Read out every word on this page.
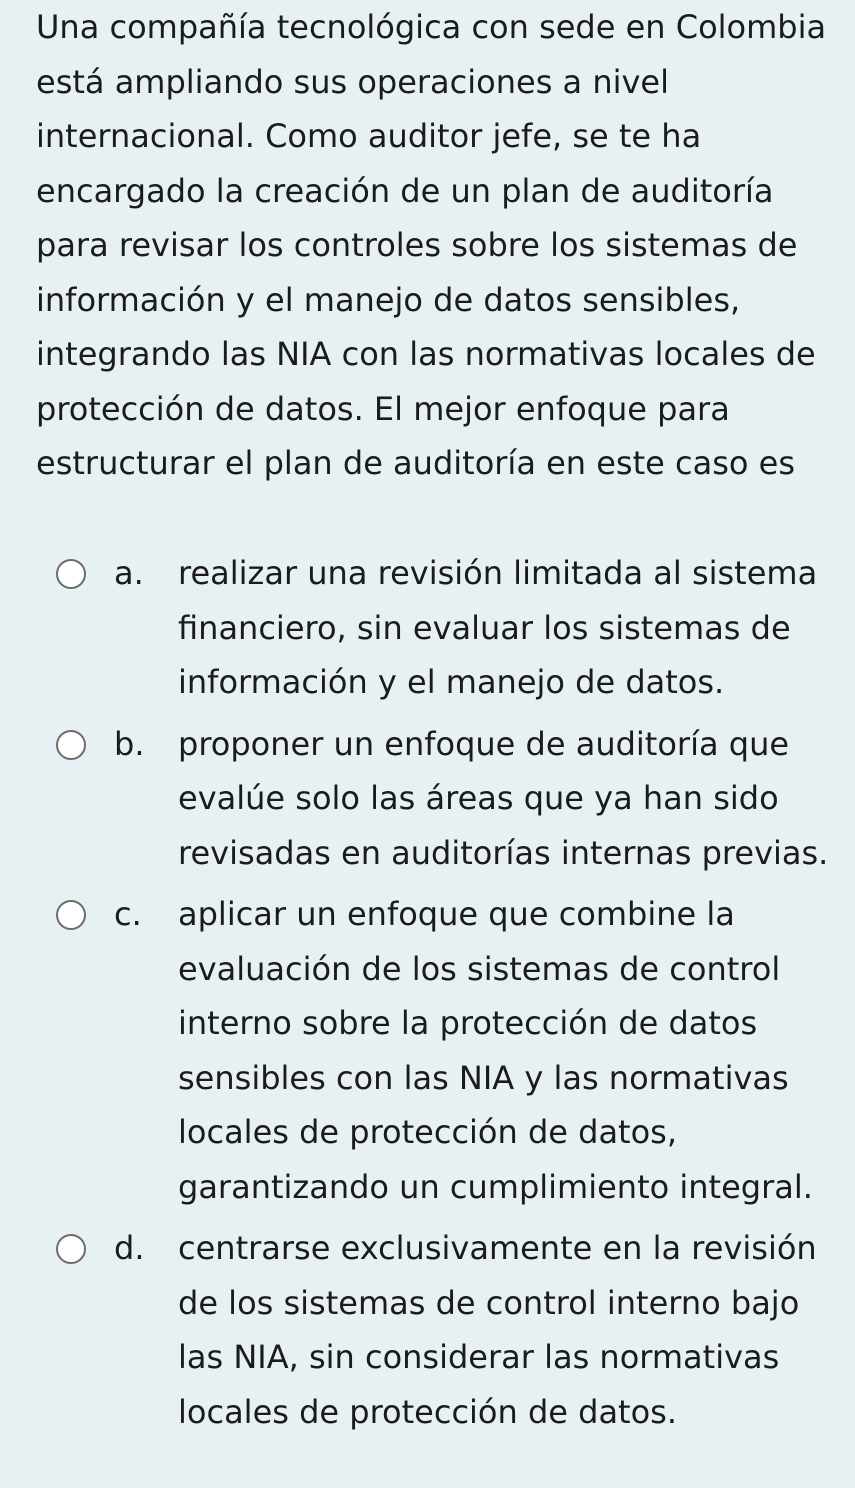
Una compañía tecnológica con sede en Colombia está ampliando sus operaciones a nivel internacional. Como auditor jefe, se te ha encargado la creación de un plan de auditoría para revisar los controles sobre los sistemas de información y el manejo de datos sensibles, integrando las NIA con las normativas locales de protección de datos. El mejor enfoque para estructurar el plan de auditoría en este caso es

a. realizar una revisión limitada al sistema financiero, sin evaluar los sistemas de información y el manejo de datos.
b. proponer un enfoque de auditoría que evalúe solo las áreas que ya han sido revisadas en auditorías internas previas.
c. aplicar un enfoque que combine la evaluación de los sistemas de control interno sobre la protección de datos sensibles con las NIA y las normativas locales de protección de datos, garantizando un cumplimiento integral.
d. centrarse exclusivamente en la revisión de los sistemas de control interno bajo las NIA, sin considerar las normativas locales de protección de datos.
